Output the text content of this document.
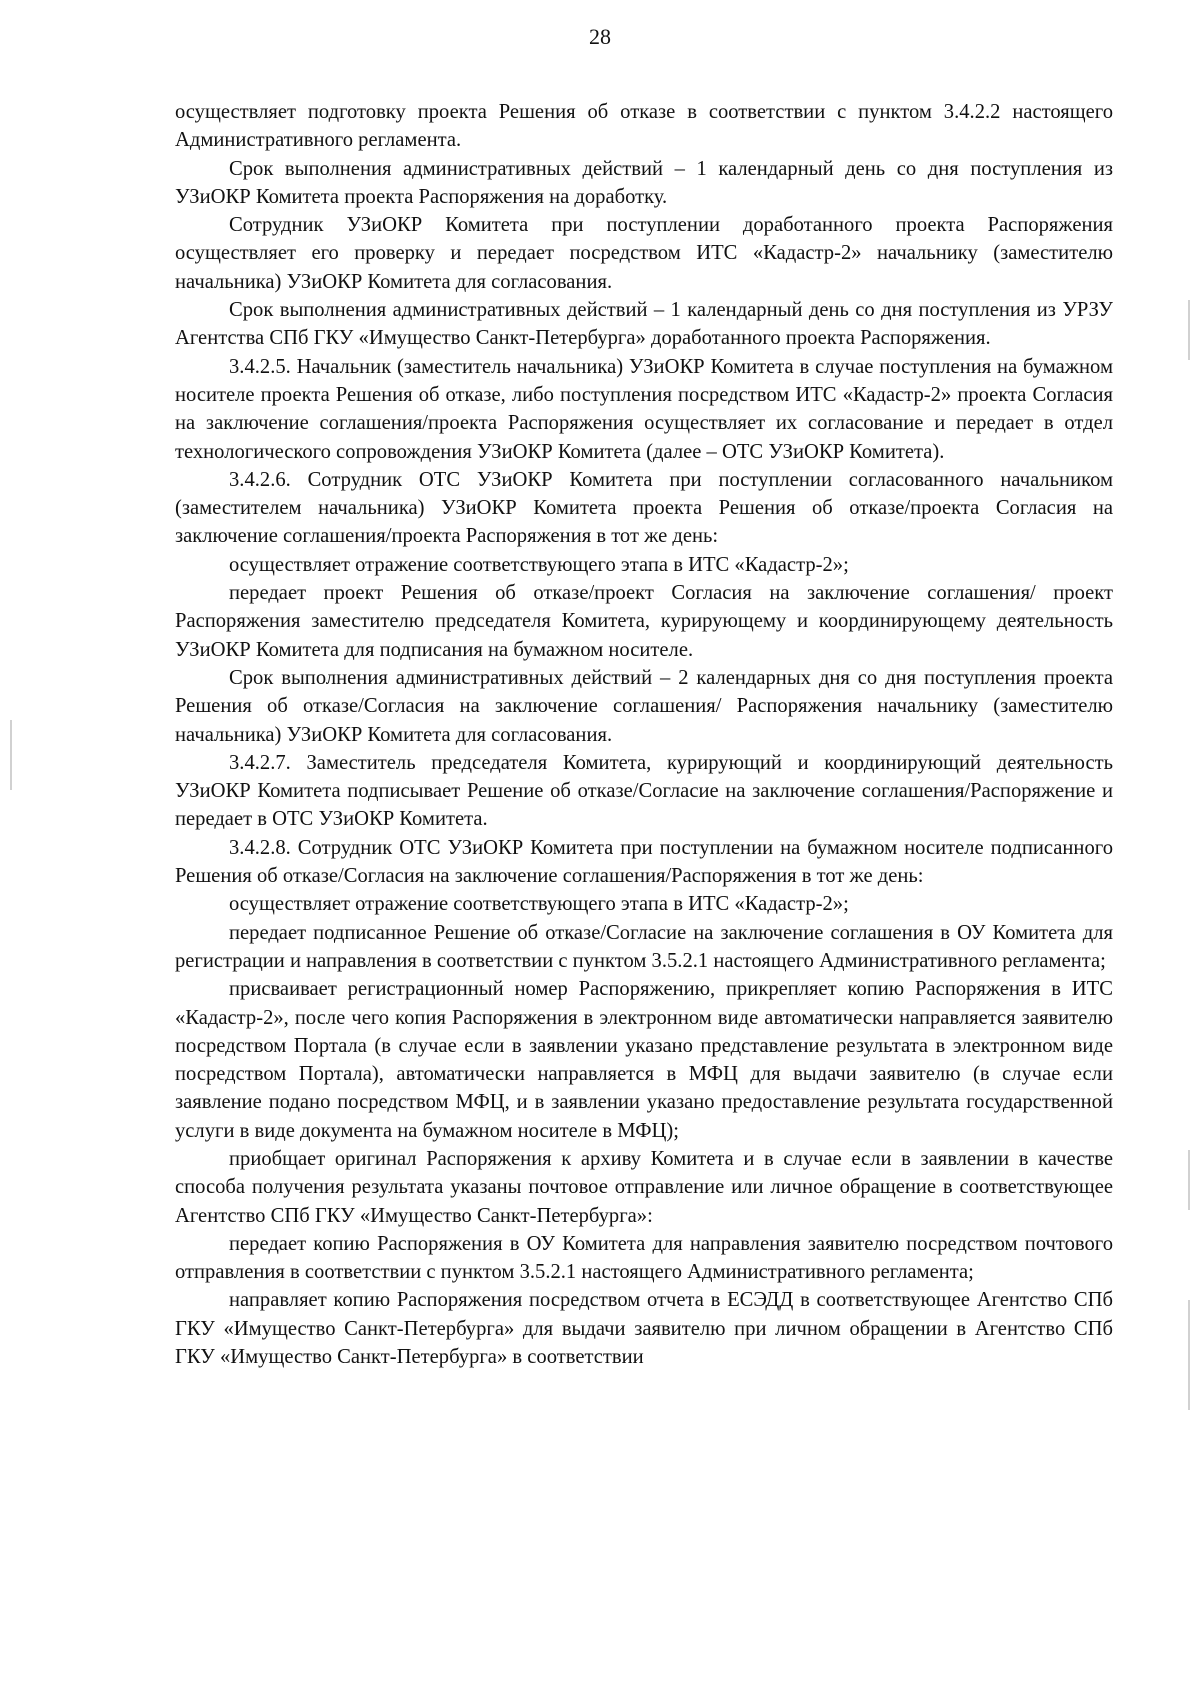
28

осуществляет подготовку проекта Решения об отказе в соответствии с пунктом 3.4.2.2 настоящего Административного регламента.

Срок выполнения административных действий – 1 календарный день со дня поступления из УЗиОКР Комитета проекта Распоряжения на доработку.

Сотрудник УЗиОКР Комитета при поступлении доработанного проекта Распоряжения осуществляет его проверку и передает посредством ИТС «Кадастр-2» начальнику (заместителю начальника) УЗиОКР Комитета для согласования.

Срок выполнения административных действий – 1 календарный день со дня поступления из УРЗУ Агентства СПб ГКУ «Имущество Санкт-Петербурга» доработанного проекта Распоряжения.

3.4.2.5. Начальник (заместитель начальника) УЗиОКР Комитета в случае поступления на бумажном носителе проекта Решения об отказе, либо поступления посредством ИТС «Кадастр-2» проекта Согласия на заключение соглашения/проекта Распоряжения осуществляет их согласование и передает в отдел технологического сопровождения УЗиОКР Комитета (далее – ОТС УЗиОКР Комитета).

3.4.2.6. Сотрудник ОТС УЗиОКР Комитета при поступлении согласованного начальником (заместителем начальника) УЗиОКР Комитета проекта Решения об отказе/проекта Согласия на заключение соглашения/проекта Распоряжения в тот же день:

осуществляет отражение соответствующего этапа в ИТС «Кадастр-2»;

передает проект Решения об отказе/проект Согласия на заключение соглашения/ проект Распоряжения заместителю председателя Комитета, курирующему и координирующему деятельность УЗиОКР Комитета для подписания на бумажном носителе.

Срок выполнения административных действий – 2 календарных дня со дня поступления проекта Решения об отказе/Согласия на заключение соглашения/ Распоряжения начальнику (заместителю начальника) УЗиОКР Комитета для согласования.

3.4.2.7. Заместитель председателя Комитета, курирующий и координирующий деятельность УЗиОКР Комитета подписывает Решение об отказе/Согласие на заключение соглашения/Распоряжение и передает в ОТС УЗиОКР Комитета.

3.4.2.8. Сотрудник ОТС УЗиОКР Комитета при поступлении на бумажном носителе подписанного Решения об отказе/Согласия на заключение соглашения/Распоряжения в тот же день:

осуществляет отражение соответствующего этапа в ИТС «Кадастр-2»;

передает подписанное Решение об отказе/Согласие на заключение соглашения в ОУ Комитета для регистрации и направления в соответствии с пунктом 3.5.2.1 настоящего Административного регламента;

присваивает регистрационный номер Распоряжению, прикрепляет копию Распоряжения в ИТС «Кадастр-2», после чего копия Распоряжения в электронном виде автоматически направляется заявителю посредством Портала (в случае если в заявлении указано представление результата в электронном виде посредством Портала), автоматически направляется в МФЦ для выдачи заявителю (в случае если заявление подано посредством МФЦ, и в заявлении указано предоставление результата государственной услуги в виде документа на бумажном носителе в МФЦ);

приобщает оригинал Распоряжения к архиву Комитета и в случае если в заявлении в качестве способа получения результата указаны почтовое отправление или личное обращение в соответствующее Агентство СПб ГКУ «Имущество Санкт-Петербурга»:

передает копию Распоряжения в ОУ Комитета для направления заявителю посредством почтового отправления в соответствии с пунктом 3.5.2.1 настоящего Административного регламента;

направляет копию Распоряжения посредством отчета в ЕСЭДД в соответствующее Агентство СПб ГКУ «Имущество Санкт-Петербурга» для выдачи заявителю при личном обращении в Агентство СПб ГКУ «Имущество Санкт-Петербурга» в соответствии
